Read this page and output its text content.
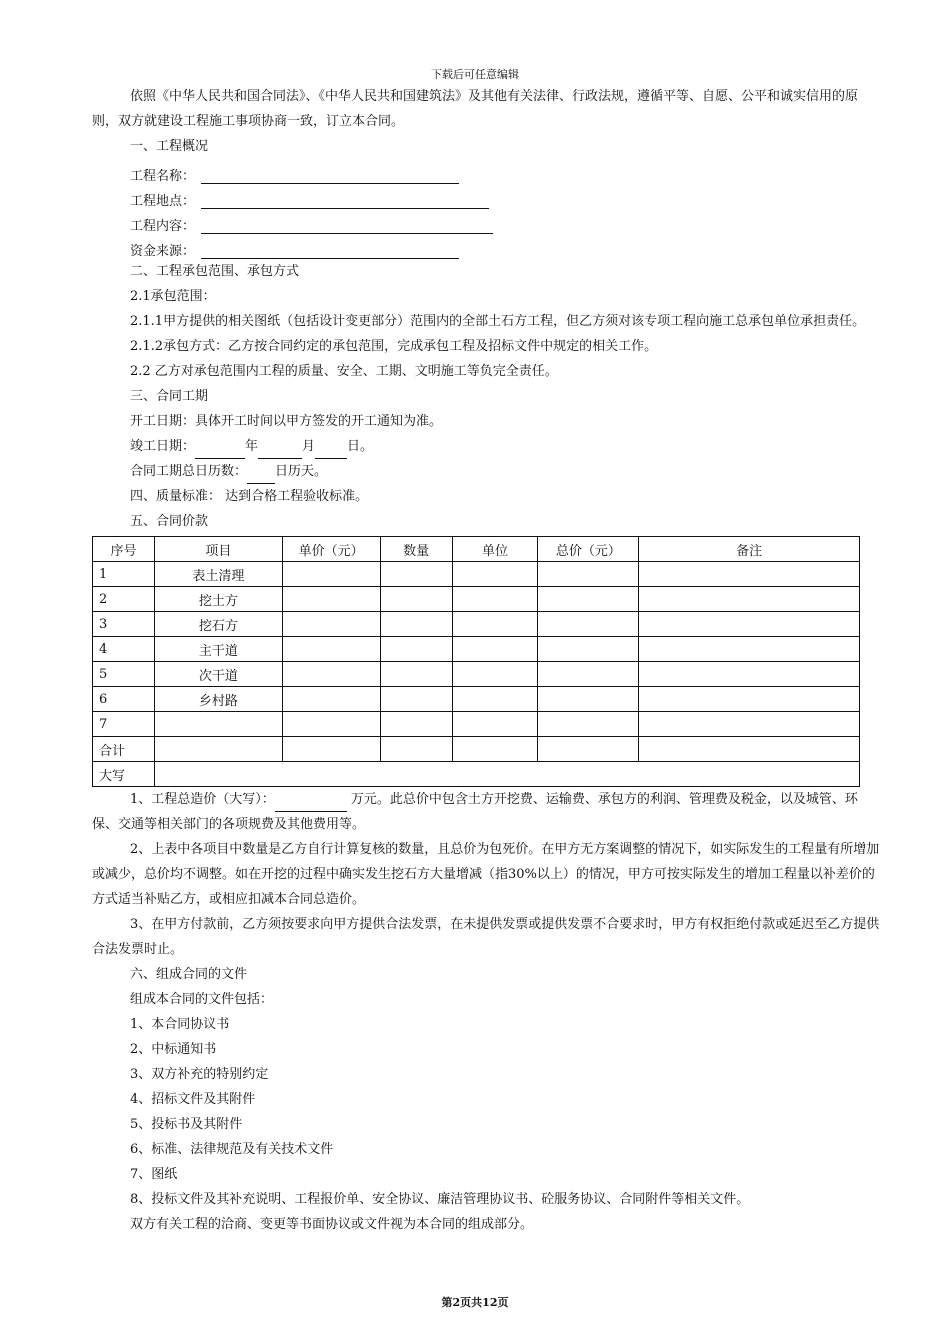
下载后可任意编辑

依照《中华人民共和国合同法》、《中华人民共和国建筑法》及其他有关法律、行政法规，遵循平等、自愿、公平和诚实信用的原则，双方就建设工程施工事项协商一致，订立本合同。

一、工程概况

工程名称：
工程地点：
工程内容：
资金来源：

二、工程承包范围、承包方式

2.1承包范围：

2.1.1甲方提供的相关图纸（包括设计变更部分）范围内的全部土石方工程，但乙方须对该专项工程向施工总承包单位承担责任。

2.1.2承包方式：乙方按合同约定的承包范围，完成承包工程及招标文件中规定的相关工作。

2.2 乙方对承包范围内工程的质量、安全、工期、文明施工等负完全责任。

三、合同工期

开工日期：具体开工时间以甲方签发的开工通知为准。

竣工日期：	年	月 日。

合同工期总日历数： 日历天。

四、质量标准： 达到合格工程验收标准。

五、合同价款

序号	项目	单价（元）	数量	单位	总价（元）	备注
1	表土清理					
2	挖土方					
3	挖石方					
4	主干道					
5	次干道					
6	乡村路					
7						
合计						
大写						

1、工程总造价（大写）：	万元。此总价中包含土方开挖费、运输费、承包方的利润、管理费及税金，以及城管、环保、交通等相关部门的各项规费及其他费用等。

2、上表中各项目中数量是乙方自行计算复核的数量，且总价为包死价。在甲方无方案调整的情况下，如实际发生的工程量有所增加或减少，总价均不调整。如在开挖的过程中确实发生挖石方大量增减（指30%以上）的情况，甲方可按实际发生的增加工程量以补差价的方式适当补贴乙方，或相应扣减本合同总造价。

3、在甲方付款前，乙方须按要求向甲方提供合法发票，在未提供发票或提供发票不合要求时，甲方有权拒绝付款或延迟至乙方提供合法发票时止。

六、组成合同的文件

组成本合同的文件包括：

1、本合同协议书

2、中标通知书

3、双方补充的特别约定

4、招标文件及其附件

5、投标书及其附件

6、标准、法律规范及有关技术文件

7、图纸

8、投标文件及其补充说明、工程报价单、安全协议、廉洁管理协议书、砼服务协议、合同附件等相关文件。

双方有关工程的洽商、变更等书面协议或文件视为本合同的组成部分。

第2页共12页
